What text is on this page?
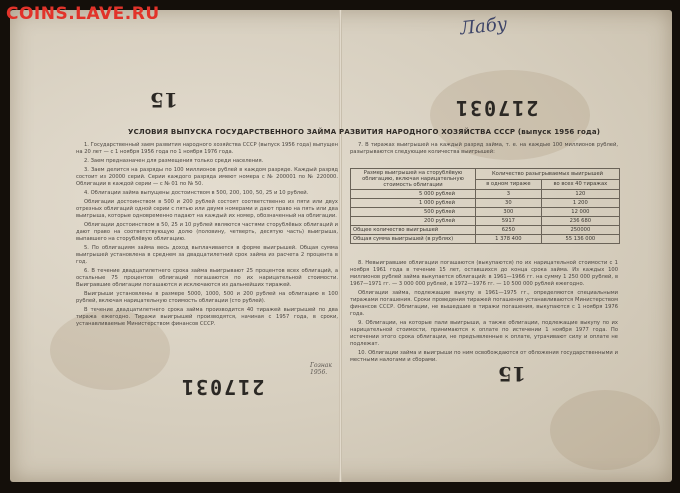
COINS.LAVE.RU
15
УСЛОВИЯ ВЫПУСКА ГОСУДАРСТВЕННОГО ЗАЙМА РАЗВИТИЯ НАРОДНОГО ХОЗЯЙСТВА СССР (выпуск 1956 года)

1. Государственный заем развития народного хозяйства СССР (выпуск 1956 года) выпущен на 20 лет — с 1 ноября 1956 года по 1 ноября 1976 года.

2. Заем предназначен для размещения только среди населения.

3. Заем делится на разряды по 100 миллионов рублей в каждом разряде. Каждый разряд состоит из 20000 серий. Серии каждого разряда имеют номера с № 200001 по № 220000. Облигации в каждой серии — с № 01 по № 50.

4. Облигации займа выпущены достоинством в 500, 200, 100, 50, 25 и 10 рублей.

Облигации достоинством в 500 и 200 рублей состоят соответственно из пяти или двух отрезных облигаций одной серии с пятью или двумя номерами и дают право на пять или два выигрыша, которые одновременно падают на каждый их номер, обозначенный на облигации.

Облигации достоинством в 50, 25 и 10 рублей являются частями сторублёвых облигаций и дают право на соответствующую долю (половину, четверть, десятую часть) выигрыша, выпавшего на сторублёвую облигацию.

5. По облигациям займа весь доход выплачивается в форме выигрышей. Общая сумма выигрышей установлена в среднем за двадцатилетний срок займа из расчета 2 процента в год.

6. В течение двадцатилетнего срока займа выигрывают 25 процентов всех облигаций, а остальные 75 процентов облигаций погашаются по их нарицательной стоимости. Выигравшие облигации погашаются и исключаются из дальнейших тиражей.

Выигрыши установлены в размере 5000, 1000, 500 и 200 рублей на облигацию в 100 рублей, включая нарицательную стоимость облигации (сто рублей).

В течение двадцатилетнего срока займа производится 40 тиражей выигрышей по два тиража ежегодно. Тиражи выигрышей производятся, начиная с 1957 года, в сроки, устанавливаемые Министерством финансов СССР.

Гознак 1956.
217031
Лабу
217031

7. В тиражах выигрышей на каждый разряд займа, т. е. на каждые 100 миллионов рублей, разыгрываются следующие количества выигрышей:

Размер выигрышей на сторублёвую облигацию, включая нарицательную стоимость облигации	Количество разыгрываемых выигрышей	
	в одном тираже	во всех 40 тиражах
5 000 рублей	3	120
1 000 рублей	30	1 200
500 рублей	300	12 000
200 рублей	5917	236 680
Общее количество выигрышей	6250	250000
Общая сумма выигрышей (в рублях)	1 378 400	55 136 000

8. Невыигравшие облигации погашаются (выкупаются) по их нарицательной стоимости с 1 ноября 1961 года в течение 15 лет, оставшихся до конца срока займа. Из каждых 100 миллионов рублей займа выкупается облигаций: в 1961—1966 гг. на сумму 1 250 000 рублей, в 1967—1971 гг. — 3 000 000 рублей, в 1972—1976 гг. — 10 500 000 рублей ежегодно.

Облигации займа, подлежащие выкупу в 1961—1975 гг., определяются специальными тиражами погашения. Сроки проведения тиражей погашения устанавливаются Министерством финансов СССР. Облигации, не вышедшие в тиражи погашения, выкупаются с 1 ноября 1976 года.

9. Облигации, на которые пали выигрыши, а также облигации, подлежащие выкупу по их нарицательной стоимости, принимаются к оплате по истечении 1 ноября 1977 года. По истечении этого срока облигации, не предъявленные к оплате, утрачивают силу и оплате не подлежат.

10. Облигации займа и выигрыши по ним освобождаются от обложения государственными и местными налогами и сборами.

15
